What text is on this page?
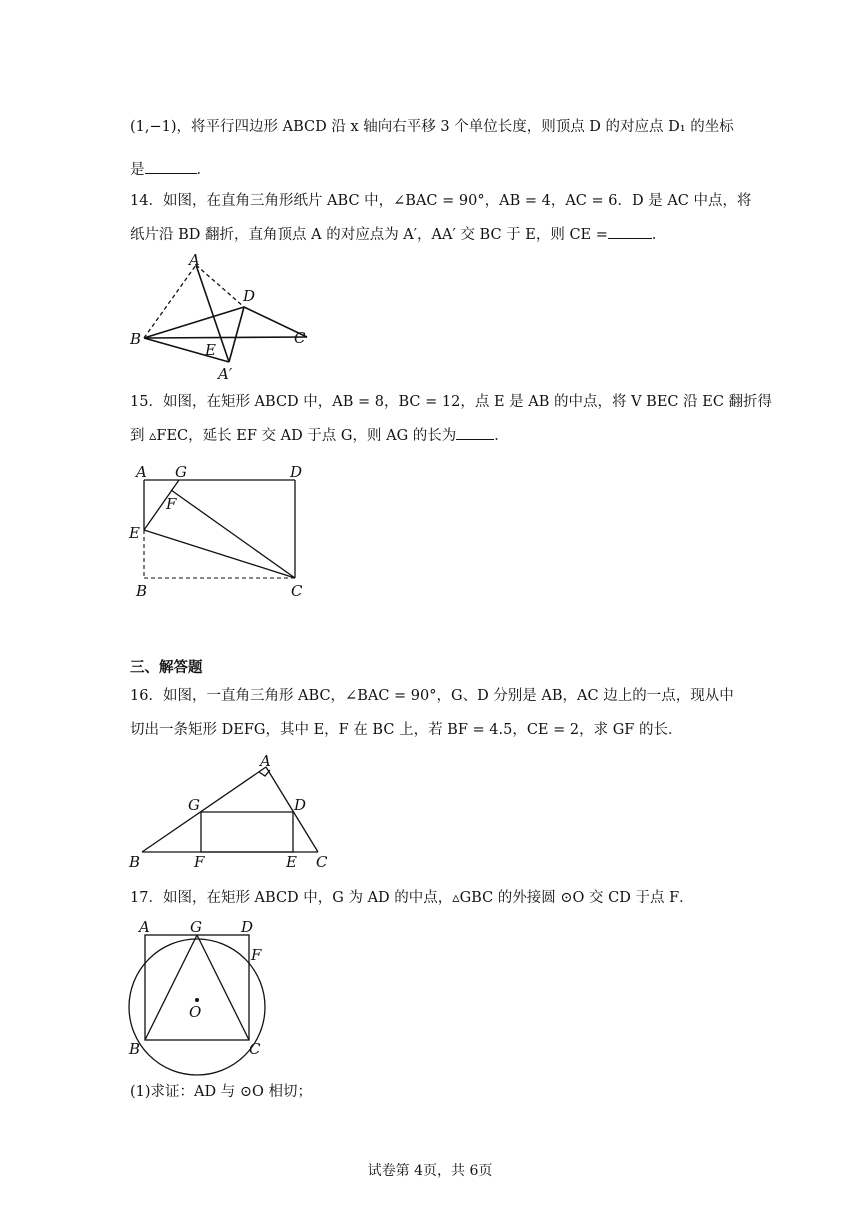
(1,−1)，将平行四边形 ABCD 沿 x 轴向右平移 3 个单位长度，则顶点 D 的对应点 D₁ 的坐标
是	．
14．如图，在直角三角形纸片 ABC 中，∠BAC = 90°，AB = 4，AC = 6．D 是 AC 中点，将
纸片沿 BD 翻折，直角顶点 A 的对应点为 A′，AA′ 交 BC 于 E，则 CE =	．
A
D
B
E
C
A′
15．如图，在矩形 ABCD 中，AB = 8，BC = 12，点 E 是 AB 的中点，将 V BEC 沿 EC 翻折得
到 ▵FEC，延长 EF 交 AD 于点 G，则 AG 的长为	．
A G	D
F
E
B	C
三、解答题
16．如图，一直角三角形 ABC，∠BAC = 90°，G、D 分别是 AB，AC 边上的一点，现从中
切出一条矩形 DEFG，其中 E，F 在 BC 上，若 BF = 4.5，CE = 2，求 GF 的长．
A
G	D
B	F	E C
17．如图，在矩形 ABCD 中，G 为 AD 的中点，▵GBC 的外接圆 ⊙O 交 CD 于点 F．
A	G	D
F
O
B	C
(1)求证：AD 与 ⊙O 相切；
试卷第 4页，共 6页
